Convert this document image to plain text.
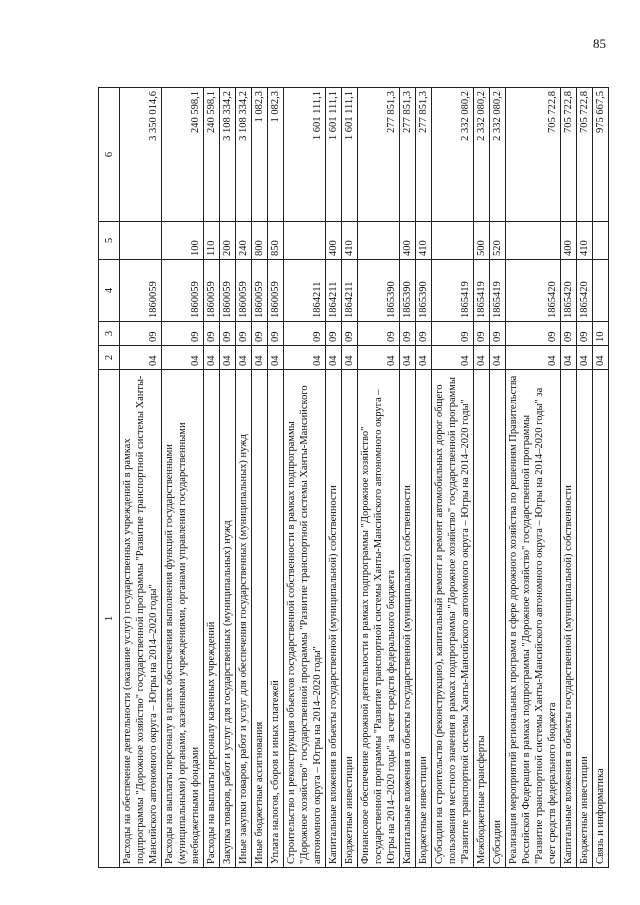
85
1	2	3	4	5	6
Расходы на обеспечение деятельности (оказание услуг) государственных учреждений в рамках подпрограммы "Дорожное хозяйство" государственной программы "Развитие транспортной системы Ханты-Мансийского автономного округа – Югры на 2014–2020 годы"	04	09	1860059		3 350 014,6
Расходы на выплаты персоналу в целях обеспечения выполнения функций государственными (муниципальными) органами, казенными учреждениями, органами управления государственными внебюджетными фондами	04	09	1860059	100	240 598,1
Расходы на выплаты персоналу казенных учреждений	04	09	1860059	110	240 598,1
Закупка товаров, работ и услуг для государственных (муниципальных) нужд	04	09	1860059	200	3 108 334,2
Иные закупки товаров, работ и услуг для обеспечения государственных (муниципальных) нужд	04	09	1860059	240	3 108 334,2
Иные бюджетные ассигнования	04	09	1860059	800	1 082,3
Уплата налогов, сборов и иных платежей	04	09	1860059	850	1 082,3
Строительство и реконструкция объектов государственной собственности в рамках подпрограммы "Дорожное хозяйство" государственной программы "Развитие транспортной системы Ханты-Мансийского автономного округа – Югры на 2014–2020 годы"	04	09	1864211		1 601 111,1
Капитальные вложения в объекты государственной (муниципальной) собственности	04	09	1864211	400	1 601 111,1
Бюджетные инвестиции	04	09	1864211	410	1 601 111,1
Финансовое обеспечение дорожной деятельности в рамках подпрограммы "Дорожное хозяйство" государственной программы "Развитие транспортной системы Ханты-Мансийского автономного округа – Югры на 2014–2020 годы" за счет средств федерального бюджета	04	09	1865390		277 851,3
Капитальные вложения в объекты государственной (муниципальной) собственности	04	09	1865390	400	277 851,3
Бюджетные инвестиции	04	09	1865390	410	277 851,3
Субсидии на строительство (реконструкцию), капитальный ремонт и ремонт автомобильных дорог общего пользования местного значения в рамках подпрограммы "Дорожное хозяйство" государственной программы "Развитие транспортной системы Ханты-Мансийского автономного округа – Югры на 2014–2020 годы"	04	09	1865419		2 332 080,2
Межбюджетные трансферты	04	09	1865419	500	2 332 080,2
Субсидии	04	09	1865419	520	2 332 080,2
Реализация мероприятий региональных программ в сфере дорожного хозяйства по решениям Правительства Российской Федерации в рамках подпрограммы "Дорожное хозяйство" государственной программы "Развитие транспортной системы Ханты-Мансийского автономного округа – Югры на 2014–2020 годы" за счет средств федерального бюджета	04	09	1865420		705 722,8
Капитальные вложения в объекты государственной (муниципальной) собственности	04	09	1865420	400	705 722,8
Бюджетные инвестиции	04	09	1865420	410	705 722,8
Связь и информатика	04	10			975 667,5
